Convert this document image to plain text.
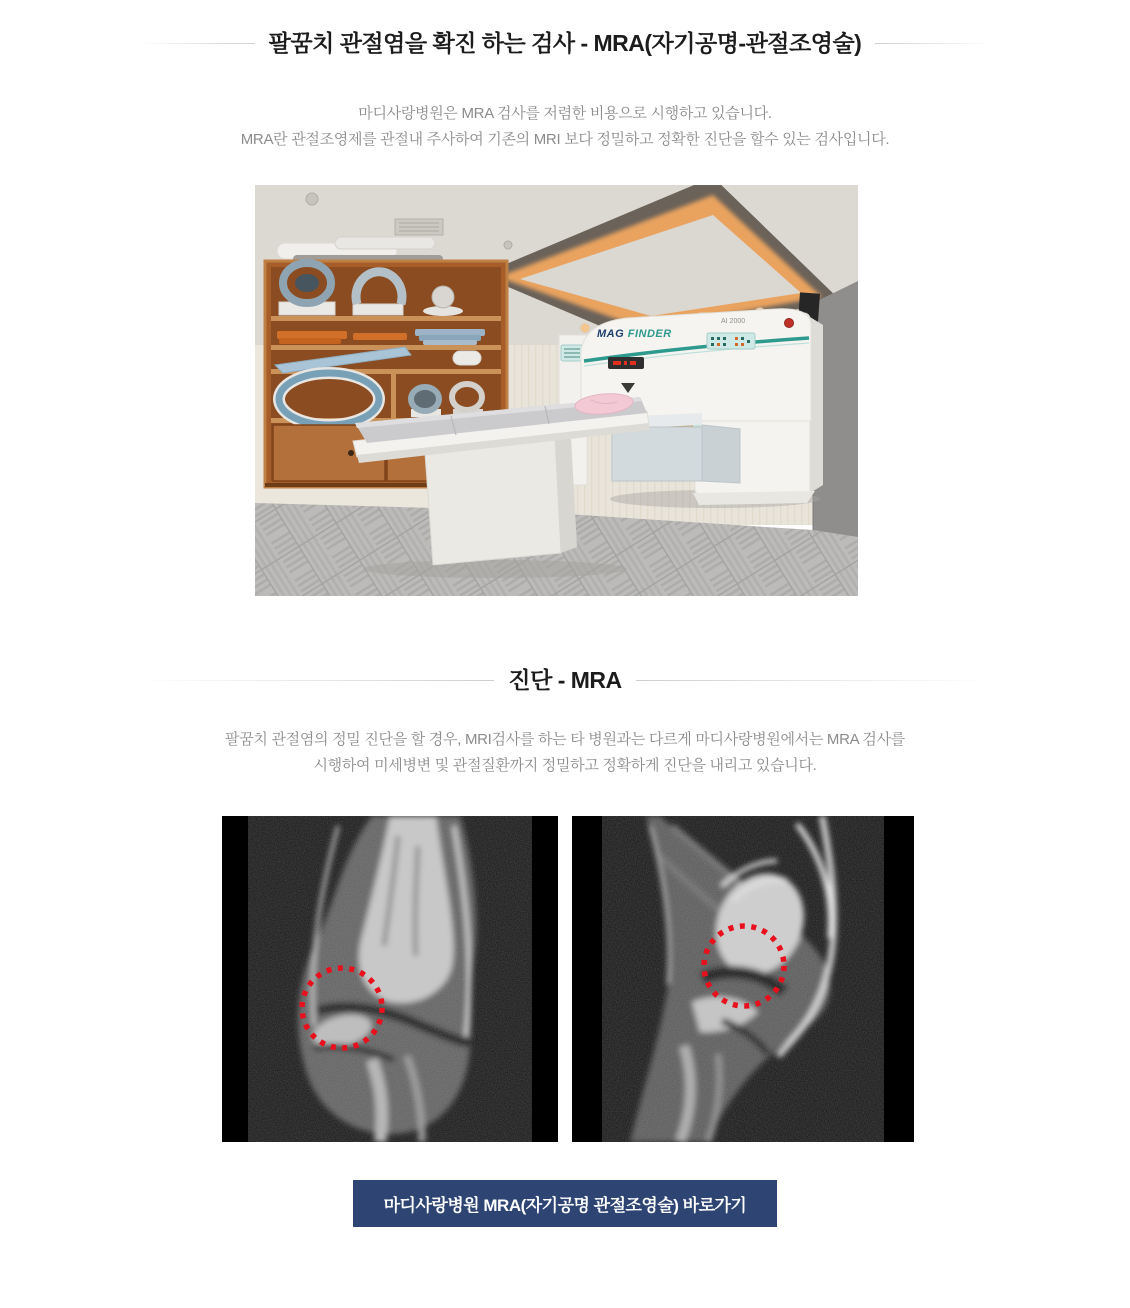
팔꿈치 관절염을 확진 하는 검사 - MRA(자기공명-관절조영술)
마디사랑병원은 MRA 검사를 저렴한 비용으로 시행하고 있습니다.
MRA란 관절조영제를 관절내 주사하여 기존의 MRI 보다 정밀하고 정확한 진단을 할수 있는 검사입니다.
MAG FINDER
AI 2000
진단 - MRA
팔꿈치 관절염의 정밀 진단을 할 경우, MRI검사를 하는 타 병원과는 다르게 마디사랑병원에서는 MRA 검사를
시행하여 미세병변 및 관절질환까지 정밀하고 정확하게 진단을 내리고 있습니다.
마디사랑병원 MRA(자기공명 관절조영술) 바로가기
